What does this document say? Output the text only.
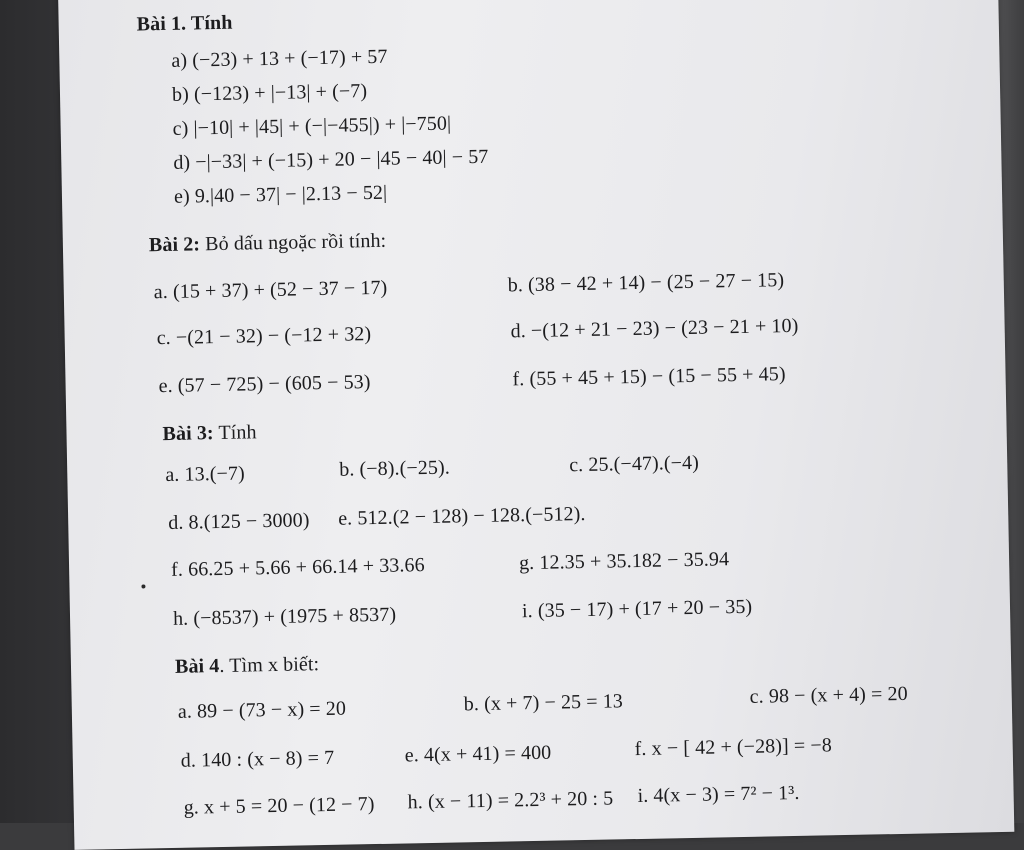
Bài 1. Tính
a) (−23) + 13 + (−17) + 57
b) (−123) + |−13| + (−7)
c) |−10| + |45| + (−|−455|) + |−750|
d) −|−33| + (−15) + 20 − |45 − 40| − 57
e) 9.|40 − 37| − |2.13 − 52|
Bài 2: Bỏ dấu ngoặc rồi tính:
a. (15 + 37) + (52 − 37 − 17)	b. (38 − 42 + 14) − (25 − 27 − 15)
c. −(21 − 32) − (−12 + 32)	d. −(12 + 21 − 23) − (23 − 21 + 10)
e. (57 − 725) − (605 − 53)	f. (55 + 45 + 15) − (15 − 55 + 45)
Bài 3: Tính
a. 13.(−7)	b. (−8).(−25).	c. 25.(−47).(−4)
d. 8.(125 − 3000) e. 512.(2 − 128) − 128.(−512).
f. 66.25 + 5.66 + 66.14 + 33.66	g. 12.35 + 35.182 − 35.94
h. (−8537) + (1975 + 8537)	i. (35 − 17) + (17 + 20 − 35)
Bài 4. Tìm x biết:
a. 89 − (73 − x) = 20	b. (x + 7) − 25 = 13	c. 98 − (x + 4) = 20
d. 140 : (x − 8) = 7	e. 4(x + 41) = 400	f. x − [ 42 + (−28)] = −8
g. x + 5 = 20 − (12 − 7) h. (x − 11) = 2.2³ + 20 : 5 i. 4(x − 3) = 7² − 1³.
